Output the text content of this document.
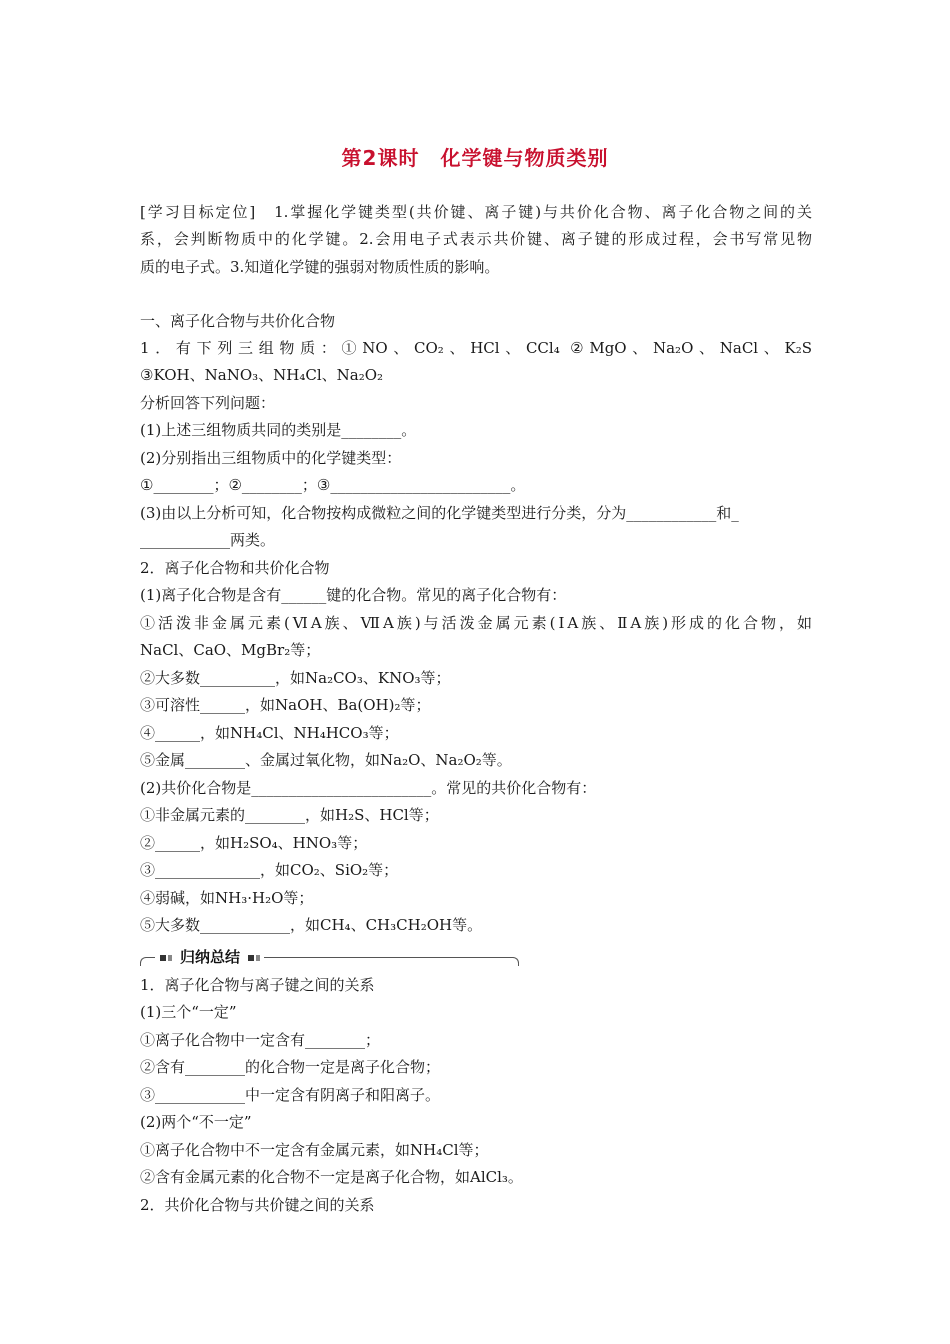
第2课时　化学键与物质类别
[学习目标定位]　1.掌握化学键类型(共价键、离子键)与共价化合物、离子化合物之间的关
系，会判断物质中的化学键。2.会用电子式表示共价键、离子键的形成过程，会书写常见物
质的电子式。3.知道化学键的强弱对物质性质的影响。
一、离子化合物与共价化合物
1．有下列三组物质：①NO、CO₂、HCl、CCl₄ ②MgO、Na₂O、NaCl、K₂S
③KOH、NaNO₃、NH₄Cl、Na₂O₂
分析回答下列问题：
(1)上述三组物质共同的类别是________。
(2)分别指出三组物质中的化学键类型：
①________；②________；③________________________。
(3)由以上分析可知，化合物按构成微粒之间的化学键类型进行分类，分为____________和_
____________两类。
2．离子化合物和共价化合物
(1)离子化合物是含有______键的化合物。常见的离子化合物有：
①活泼非金属元素(ⅥA族、ⅦA族)与活泼金属元素(ⅠA族、ⅡA族)形成的化合物，如
NaCl、CaO、MgBr₂等；
②大多数__________，如Na₂CO₃、KNO₃等；
③可溶性______，如NaOH、Ba(OH)₂等；
④______，如NH₄Cl、NH₄HCO₃等；
⑤金属________、金属过氧化物，如Na₂O、Na₂O₂等。
(2)共价化合物是________________________。常见的共价化合物有：
①非金属元素的________，如H₂S、HCl等；
②______，如H₂SO₄、HNO₃等；
③______________，如CO₂、SiO₂等；
④弱碱，如NH₃·H₂O等；
⑤大多数____________，如CH₄、CH₃CH₂OH等。
归纳总结
1．离子化合物与离子键之间的关系
(1)三个“一定”
①离子化合物中一定含有________；
②含有________的化合物一定是离子化合物；
③____________中一定含有阴离子和阳离子。
(2)两个“不一定”
①离子化合物中不一定含有金属元素，如NH₄Cl等；
②含有金属元素的化合物不一定是离子化合物，如AlCl₃。
2．共价化合物与共价键之间的关系
